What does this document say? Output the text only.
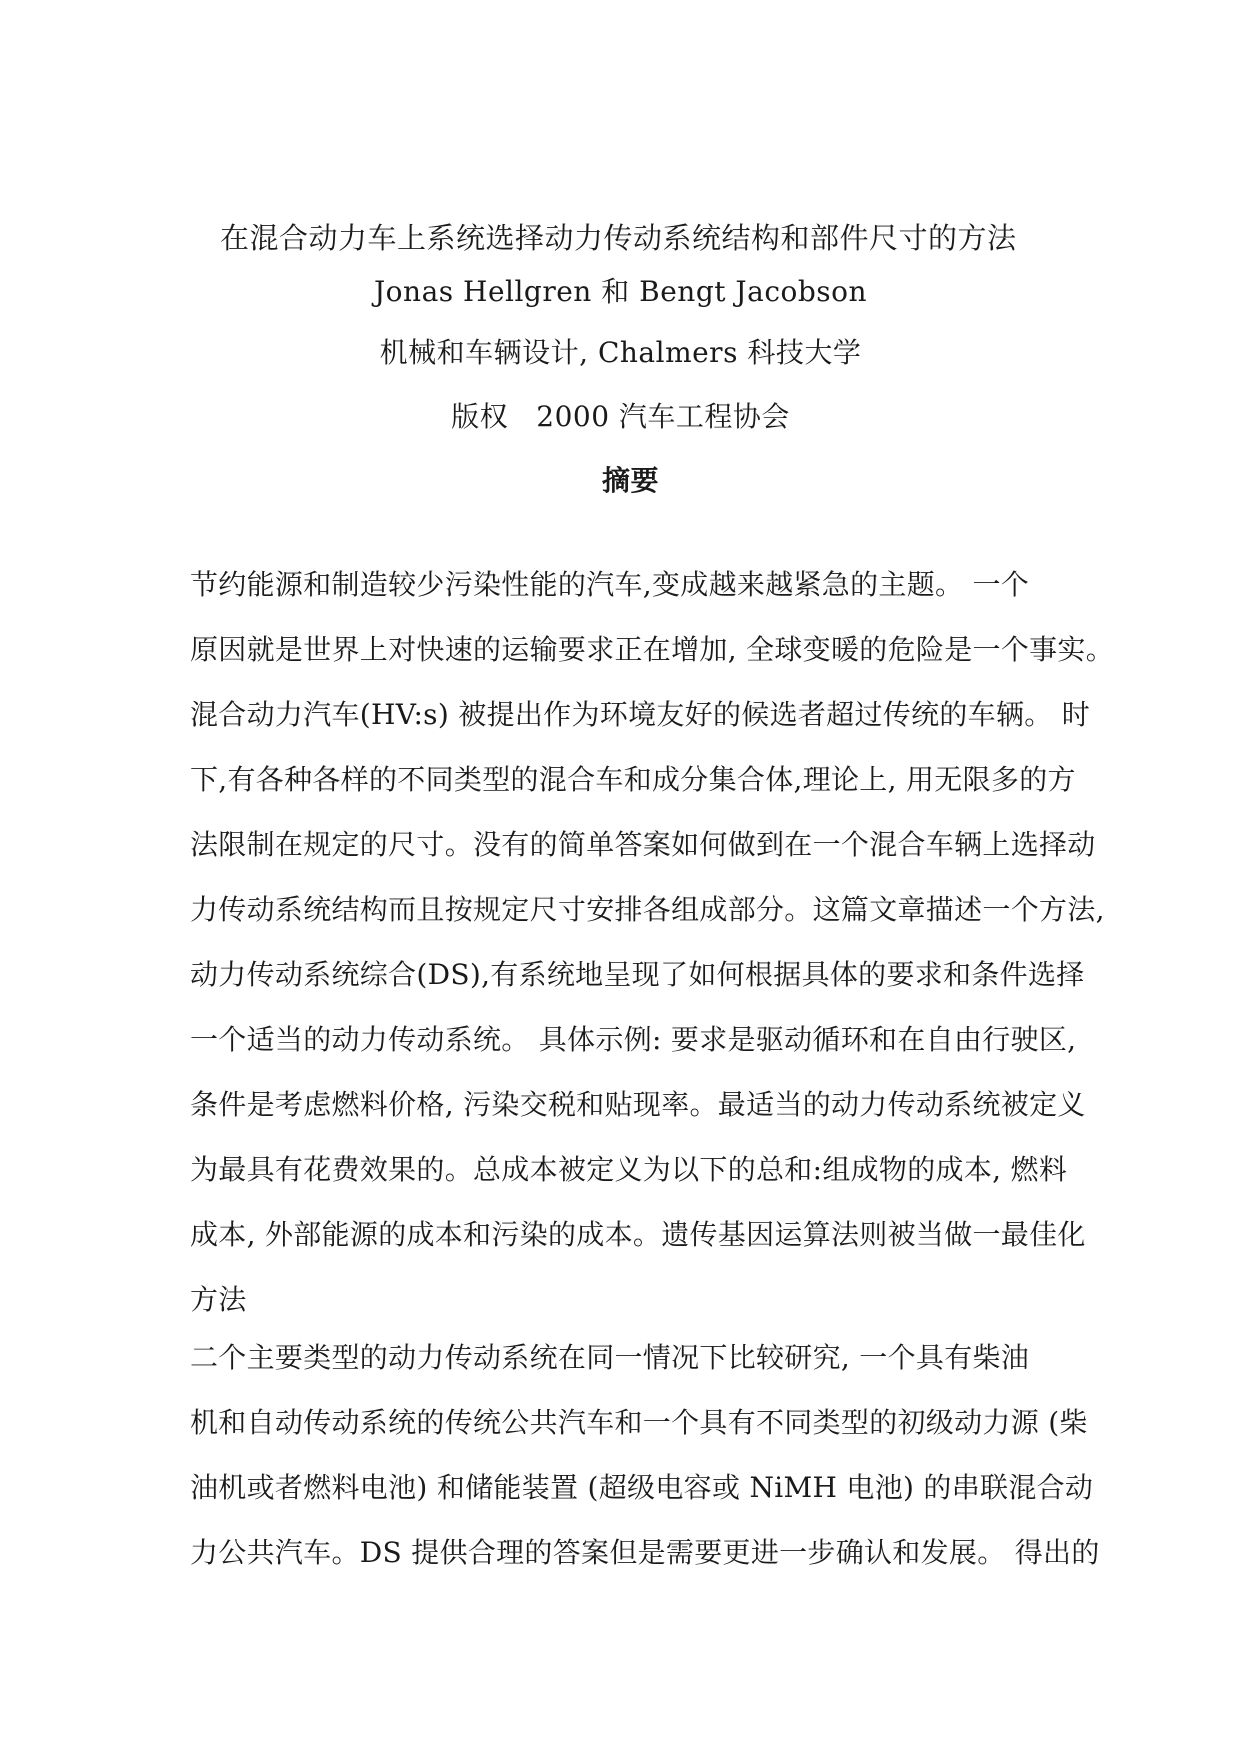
在混合动力车上系统选择动力传动系统结构和部件尺寸的方法
Jonas Hellgren 和 Bengt Jacobson
机械和车辆设计, Chalmers 科技大学
版权   2000 汽车工程协会
摘要
节约能源和制造较少污染性能的汽车,变成越来越紧急的主题。 一个
原因就是世界上对快速的运输要求正在增加, 全球变暖的危险是一个事实。
混合动力汽车(HV:s) 被提出作为环境友好的候选者超过传统的车辆。 时
下,有各种各样的不同类型的混合车和成分集合体,理论上, 用无限多的方
法限制在规定的尺寸。没有的简单答案如何做到在一个混合车辆上选择动
力传动系统结构而且按规定尺寸安排各组成部分。这篇文章描述一个方法,
动力传动系统综合(DS),有系统地呈现了如何根据具体的要求和条件选择
一个适当的动力传动系统。 具体示例: 要求是驱动循环和在自由行驶区,
条件是考虑燃料价格, 污染交税和贴现率。最适当的动力传动系统被定义
为最具有花费效果的。总成本被定义为以下的总和:组成物的成本, 燃料
成本, 外部能源的成本和污染的成本。遗传基因运算法则被当做一最佳化
方法
二个主要类型的动力传动系统在同一情况下比较研究, 一个具有柴油
机和自动传动系统的传统公共汽车和一个具有不同类型的初级动力源 (柴
油机或者燃料电池) 和储能装置 (超级电容或 NiMH 电池) 的串联混合动
力公共汽车。DS 提供合理的答案但是需要更进一步确认和发展。 得出的
